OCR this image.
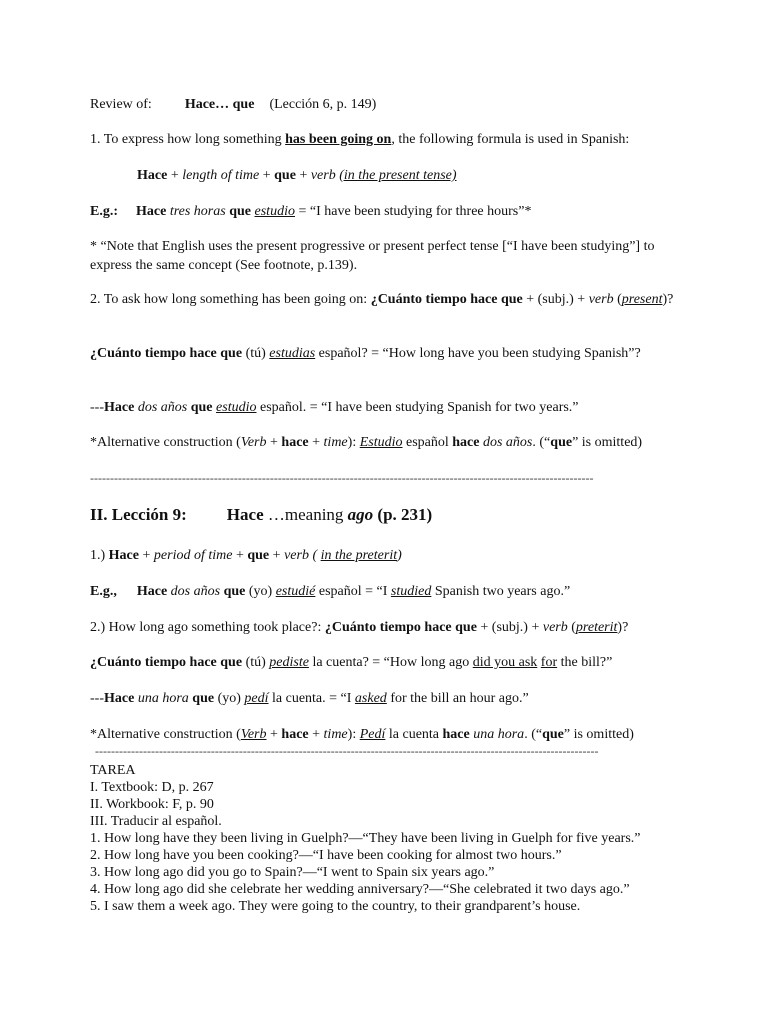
Review of: Hace… que (Lección 6, p. 149)
1. To express how long something has been going on, the following formula is used in Spanish:
Hace + length of time + que + verb (in the present tense)
E.g.: Hace tres horas que estudio = “I have been studying for three hours”*
* “Note that English uses the present progressive or present perfect tense [“I have been studying”] to express the same concept (See footnote, p.139).
2. To ask how long something has been going on: ¿Cuánto tiempo hace que + (subj.) + verb (present)?
¿Cuánto tiempo hace que (tú) estudias español? = “How long have you been studying Spanish”?
---Hace dos años que estudio español. = “I have been studying Spanish for two years.”
*Alternative construction (Verb + hace + time): Estudio español hace dos años. (“que” is omitted)
------------------------------------------------------------------------------------------------------------------------------
II. Lección 9: Hace …meaning ago (p. 231)
1.) Hace + period of time + que + verb ( in the preterit)
E.g., Hace dos años que (yo) estudié español = “I studied Spanish two years ago.”
2.) How long ago something took place?: ¿Cuánto tiempo hace que + (subj.) + verb (preterit)?
¿Cuánto tiempo hace que (tú) pediste la cuenta? = “How long ago did you ask for the bill?”
---Hace una hora que (yo) pedí la cuenta. = “I asked for the bill an hour ago.”
*Alternative construction (Verb + hace + time): Pedí la cuenta hace una hora. (“que” is omitted)
------------------------------------------------------------------------------------------------------------------------------
TAREA
I. Textbook: D, p. 267
II. Workbook: F, p. 90
III. Traducir al español.
1. How long have they been living in Guelph?—“They have been living in Guelph for five years.”
2. How long have you been cooking?—“I have been cooking for almost two hours.”
3. How long ago did you go to Spain?—“I went to Spain six years ago.”
4. How long ago did she celebrate her wedding anniversary?—“She celebrated it two days ago.”
5. I saw them a week ago. They were going to the country, to their grandparent’s house.
